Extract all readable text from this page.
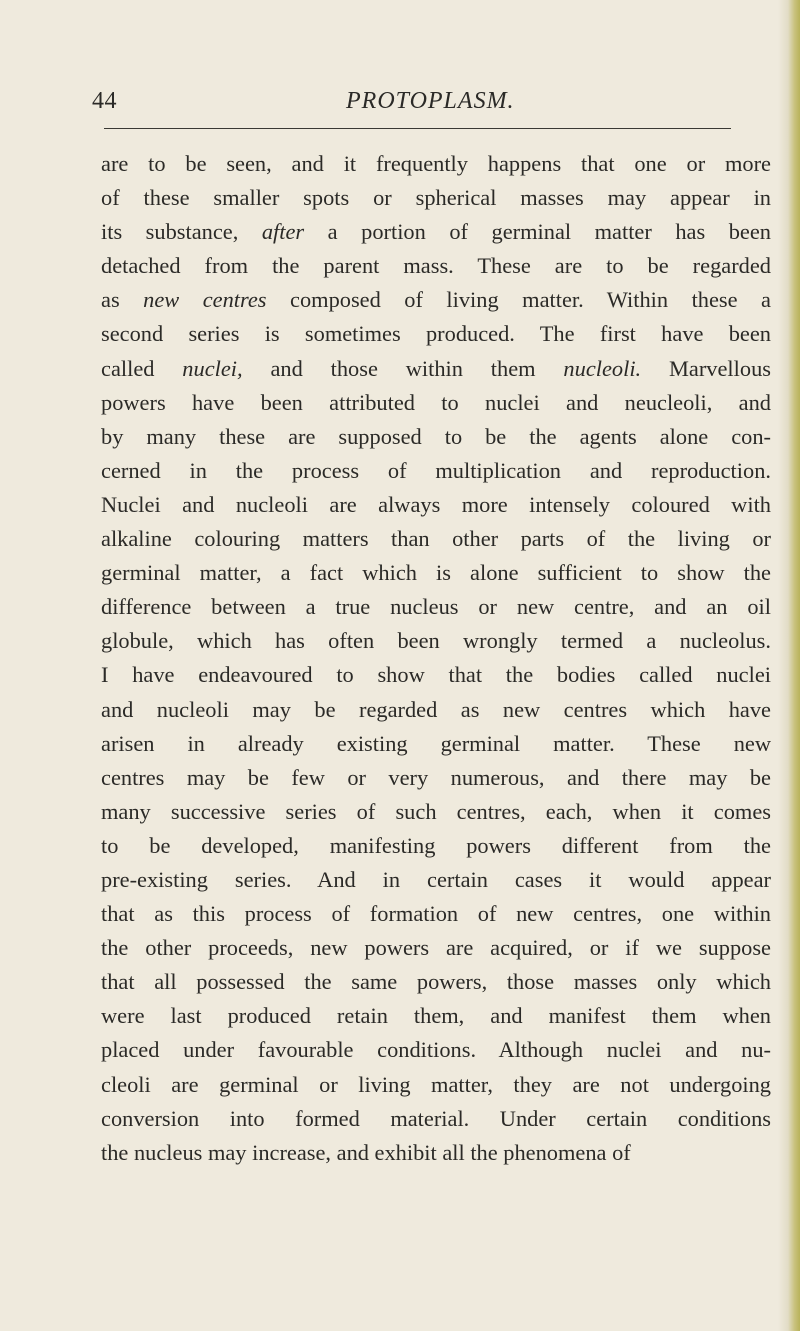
44	PROTOPLASM.
are to be seen, and it frequently happens that one or more
of these smaller spots or spherical masses may appear in
its substance, after a portion of germinal matter has been
detached from the parent mass. These are to be regarded
as new centres composed of living matter. Within these a
second series is sometimes produced. The first have been
called nuclei, and those within them nucleoli. Marvellous
powers have been attributed to nuclei and neucleoli, and
by many these are supposed to be the agents alone con-
cerned in the process of multiplication and reproduction.
Nuclei and nucleoli are always more intensely coloured with
alkaline colouring matters than other parts of the living or
germinal matter, a fact which is alone sufficient to show the
difference between a true nucleus or new centre, and an oil
globule, which has often been wrongly termed a nucleolus.
I have endeavoured to show that the bodies called nuclei
and nucleoli may be regarded as new centres which have
arisen in already existing germinal matter. These new
centres may be few or very numerous, and there may be
many successive series of such centres, each, when it comes
to be developed, manifesting powers different from the
pre-existing series. And in certain cases it would appear
that as this process of formation of new centres, one within
the other proceeds, new powers are acquired, or if we suppose
that all possessed the same powers, those masses only which
were last produced retain them, and manifest them when
placed under favourable conditions. Although nuclei and nu-
cleoli are germinal or living matter, they are not undergoing
conversion into formed material. Under certain conditions
the nucleus may increase, and exhibit all the phenomena of
